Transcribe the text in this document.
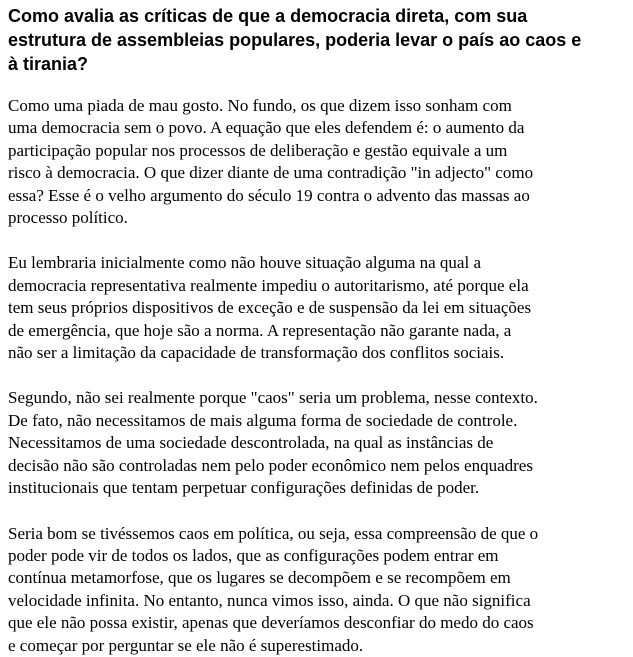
Como avalia as críticas de que a democracia direta, com sua
estrutura de assembleias populares, poderia levar o país ao caos e
à tirania?

Como uma piada de mau gosto. No fundo, os que dizem isso sonham com
uma democracia sem o povo. A equação que eles defendem é: o aumento da
participação popular nos processos de deliberação e gestão equivale a um
risco à democracia. O que dizer diante de uma contradição "in adjecto" como
essa? Esse é o velho argumento do século 19 contra o advento das massas ao
processo político.

Eu lembraria inicialmente como não houve situação alguma na qual a
democracia representativa realmente impediu o autoritarismo, até porque ela
tem seus próprios dispositivos de exceção e de suspensão da lei em situações
de emergência, que hoje são a norma. A representação não garante nada, a
não ser a limitação da capacidade de transformação dos conflitos sociais.

Segundo, não sei realmente porque "caos" seria um problema, nesse contexto.
De fato, não necessitamos de mais alguma forma de sociedade de controle.
Necessitamos de uma sociedade descontrolada, na qual as instâncias de
decisão não são controladas nem pelo poder econômico nem pelos enquadres
institucionais que tentam perpetuar configurações definidas de poder.

Seria bom se tivéssemos caos em política, ou seja, essa compreensão de que o
poder pode vir de todos os lados, que as configurações podem entrar em
contínua metamorfose, que os lugares se decompõem e se recompõem em
velocidade infinita. No entanto, nunca vimos isso, ainda. O que não significa
que ele não possa existir, apenas que deveríamos desconfiar do medo do caos
e começar por perguntar se ele não é superestimado.
